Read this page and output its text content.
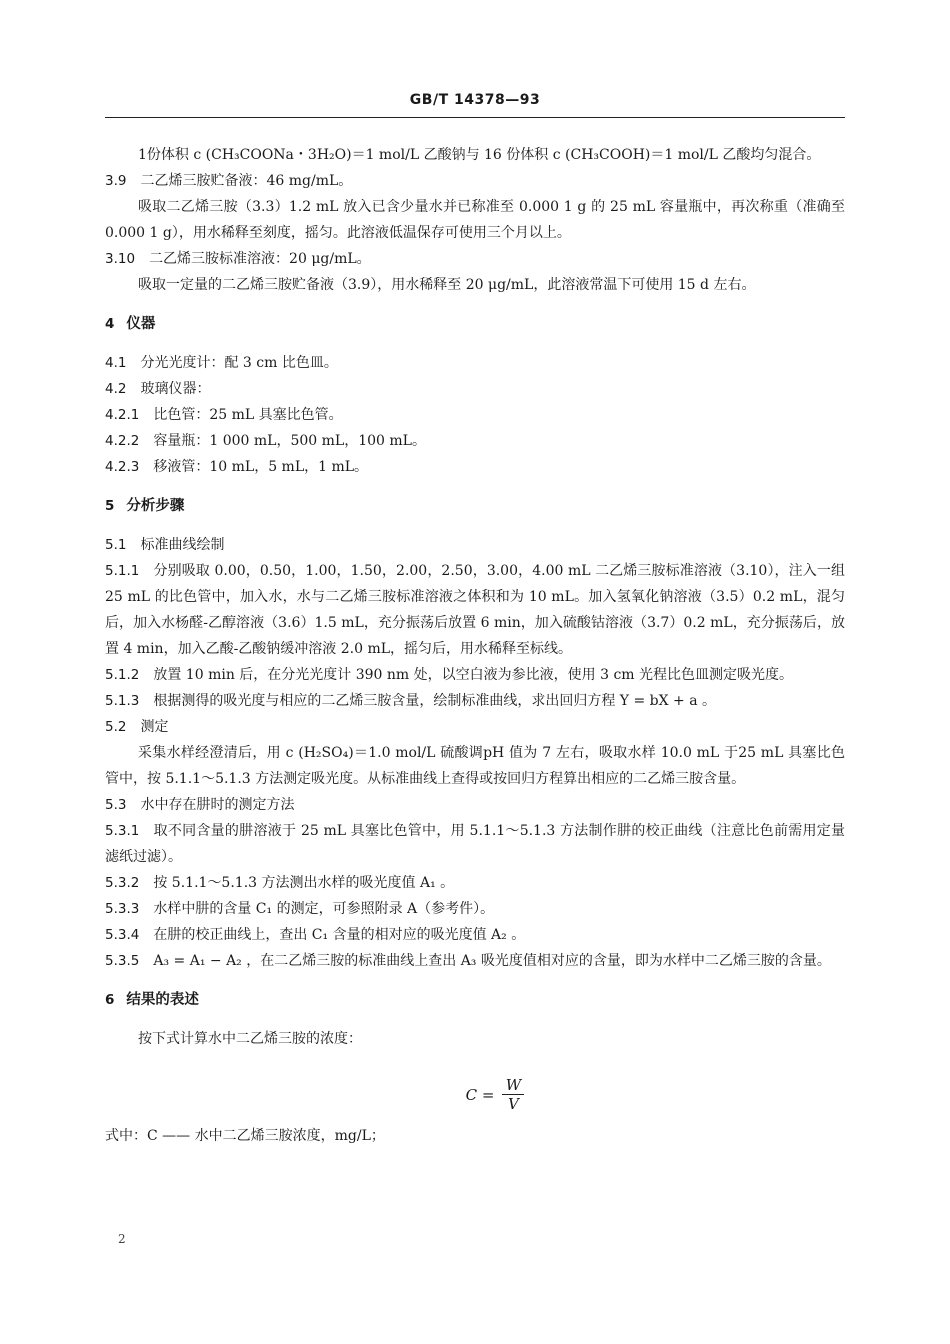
GB/T 14378—93

1份体积 c (CH₃COONa・3H₂O)＝1 mol/L 乙酸钠与 16 份体积 c (CH₃COOH)＝1 mol/L 乙酸均匀混合。

3.9 二乙烯三胺贮备液：46 mg/mL。

吸取二乙烯三胺（3.3）1.2 mL 放入已含少量水并已称准至 0.000 1 g 的 25 mL 容量瓶中，再次称重（准确至 0.000 1 g），用水稀释至刻度，摇匀。此溶液低温保存可使用三个月以上。

3.10 二乙烯三胺标准溶液：20 μg/mL。

吸取一定量的二乙烯三胺贮备液（3.9），用水稀释至 20 μg/mL，此溶液常温下可使用 15 d 左右。

4 仪器

4.1 分光光度计：配 3 cm 比色皿。

4.2 玻璃仪器：

4.2.1 比色管：25 mL 具塞比色管。

4.2.2 容量瓶：1 000 mL，500 mL，100 mL。

4.2.3 移液管：10 mL，5 mL，1 mL。

5 分析步骤

5.1 标准曲线绘制

5.1.1 分别吸取 0.00，0.50，1.00，1.50，2.00，2.50，3.00，4.00 mL 二乙烯三胺标准溶液（3.10），注入一组 25 mL 的比色管中，加入水，水与二乙烯三胺标准溶液之体积和为 10 mL。加入氢氧化钠溶液（3.5）0.2 mL，混匀后，加入水杨醛-乙醇溶液（3.6）1.5 mL，充分振荡后放置 6 min，加入硫酸钴溶液（3.7）0.2 mL，充分振荡后，放置 4 min，加入乙酸-乙酸钠缓冲溶液 2.0 mL，摇匀后，用水稀释至标线。

5.1.2 放置 10 min 后，在分光光度计 390 nm 处，以空白液为参比液，使用 3 cm 光程比色皿测定吸光度。

5.1.3 根据测得的吸光度与相应的二乙烯三胺含量，绘制标准曲线，求出回归方程 Y = bX + a 。

5.2 测定

采集水样经澄清后，用 c (H₂SO₄)＝1.0 mol/L 硫酸调pH 值为 7 左右，吸取水样 10.0 mL 于25 mL 具塞比色管中，按 5.1.1～5.1.3 方法测定吸光度。从标准曲线上查得或按回归方程算出相应的二乙烯三胺含量。

5.3 水中存在肼时的测定方法

5.3.1 取不同含量的肼溶液于 25 mL 具塞比色管中，用 5.1.1～5.1.3 方法制作肼的校正曲线（注意比色前需用定量滤纸过滤）。

5.3.2 按 5.1.1～5.1.3 方法测出水样的吸光度值 A₁ 。

5.3.3 水样中肼的含量 C₁ 的测定，可参照附录 A（参考件）。

5.3.4 在肼的校正曲线上，查出 C₁ 含量的相对应的吸光度值 A₂ 。

5.3.5 A₃ = A₁ − A₂ ，在二乙烯三胺的标准曲线上查出 A₃ 吸光度值相对应的含量，即为水样中二乙烯三胺的含量。

6 结果的表述

按下式计算水中二乙烯三胺的浓度：

$C = \frac{W}{V}$

式中：C —— 水中二乙烯三胺浓度，mg/L；

2
